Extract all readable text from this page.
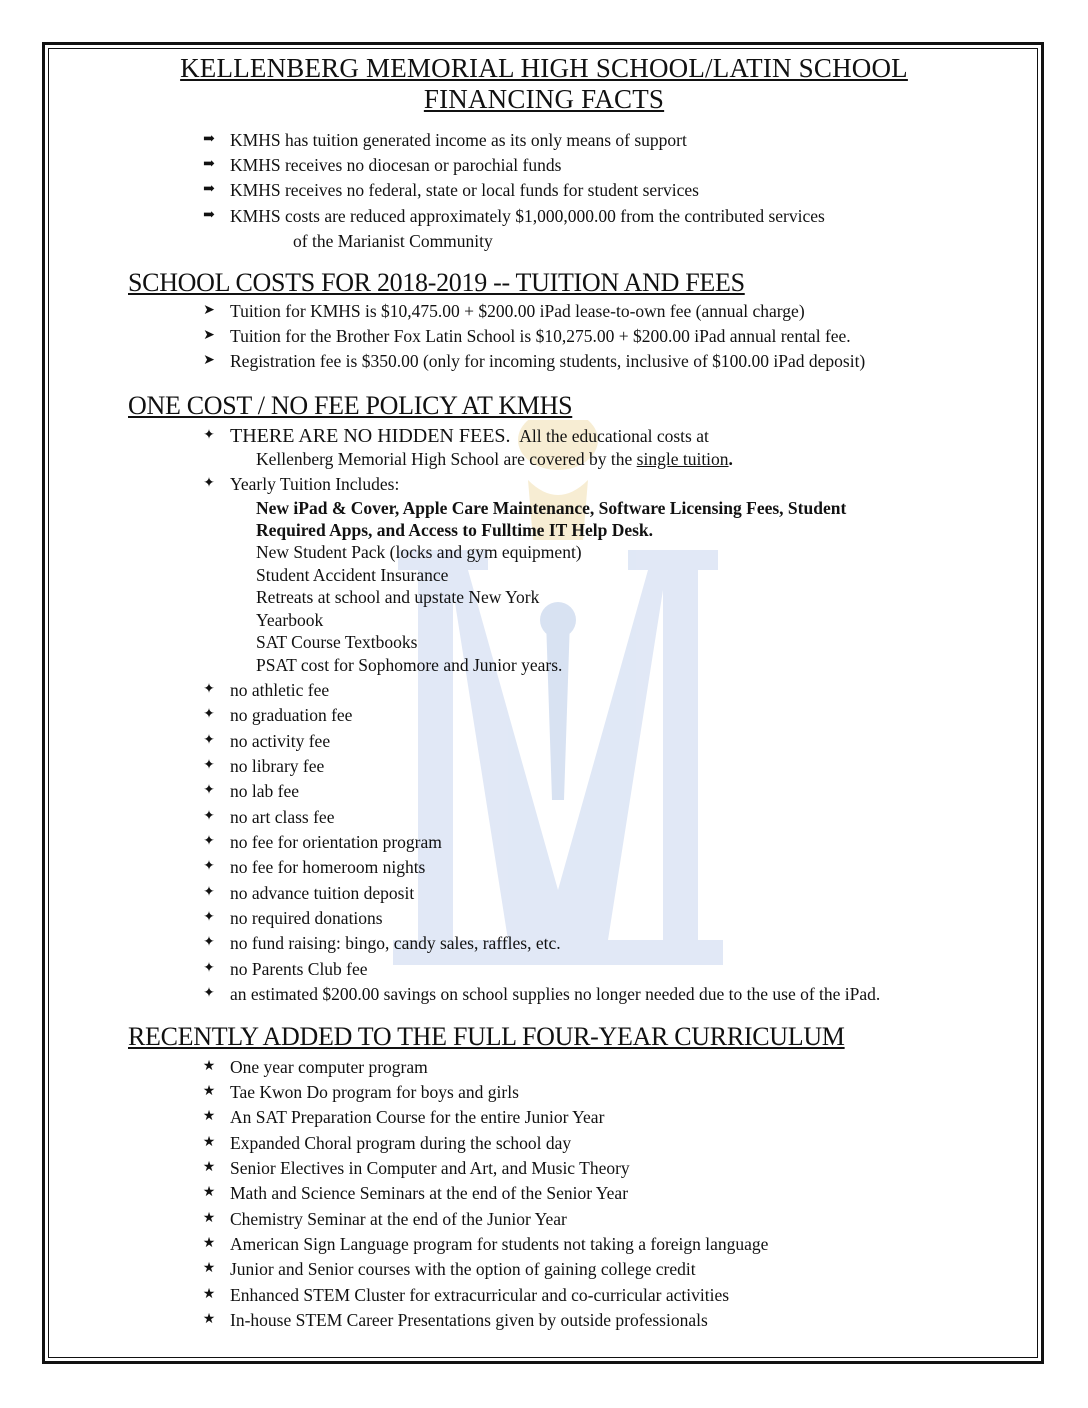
KELLENBERG MEMORIAL HIGH SCHOOL/LATIN SCHOOL
FINANCING FACTS
➡ KMHS has tuition generated income as its only means of support
➡ KMHS receives no diocesan or parochial funds
➡ KMHS receives no federal, state or local funds for student services
➡ KMHS costs are reduced approximately $1,000,000.00 from the contributed services
of the Marianist Community
SCHOOL COSTS FOR 2018-2019 -- TUITION AND FEES
➤ Tuition for KMHS is $10,475.00 + $200.00 iPad lease-to-own fee (annual charge)
➤ Tuition for the Brother Fox Latin School is $10,275.00 + $200.00 iPad annual rental fee.
➤ Registration fee is $350.00 (only for incoming students, inclusive of $100.00 iPad deposit)
ONE COST / NO FEE POLICY AT KMHS
✦ THERE ARE NO HIDDEN FEES. All the educational costs at
Kellenberg Memorial High School are covered by the single tuition.
✦ Yearly Tuition Includes:
New iPad & Cover, Apple Care Maintenance, Software Licensing Fees, Student
Required Apps, and Access to Fulltime IT Help Desk.
New Student Pack (locks and gym equipment)
Student Accident Insurance
Retreats at school and upstate New York
Yearbook
SAT Course Textbooks
PSAT cost for Sophomore and Junior years.
✦ no athletic fee
✦ no graduation fee
✦ no activity fee
✦ no library fee
✦ no lab fee
✦ no art class fee
✦ no fee for orientation program
✦ no fee for homeroom nights
✦ no advance tuition deposit
✦ no required donations
✦ no fund raising: bingo, candy sales, raffles, etc.
✦ no Parents Club fee
✦ an estimated $200.00 savings on school supplies no longer needed due to the use of the iPad.
RECENTLY ADDED TO THE FULL FOUR-YEAR CURRICULUM
★ One year computer program
★ Tae Kwon Do program for boys and girls
★ An SAT Preparation Course for the entire Junior Year
★ Expanded Choral program during the school day
★ Senior Electives in Computer and Art, and Music Theory
★ Math and Science Seminars at the end of the Senior Year
★ Chemistry Seminar at the end of the Junior Year
★ American Sign Language program for students not taking a foreign language
★ Junior and Senior courses with the option of gaining college credit
★ Enhanced STEM Cluster for extracurricular and co-curricular activities
★ In-house STEM Career Presentations given by outside professionals
